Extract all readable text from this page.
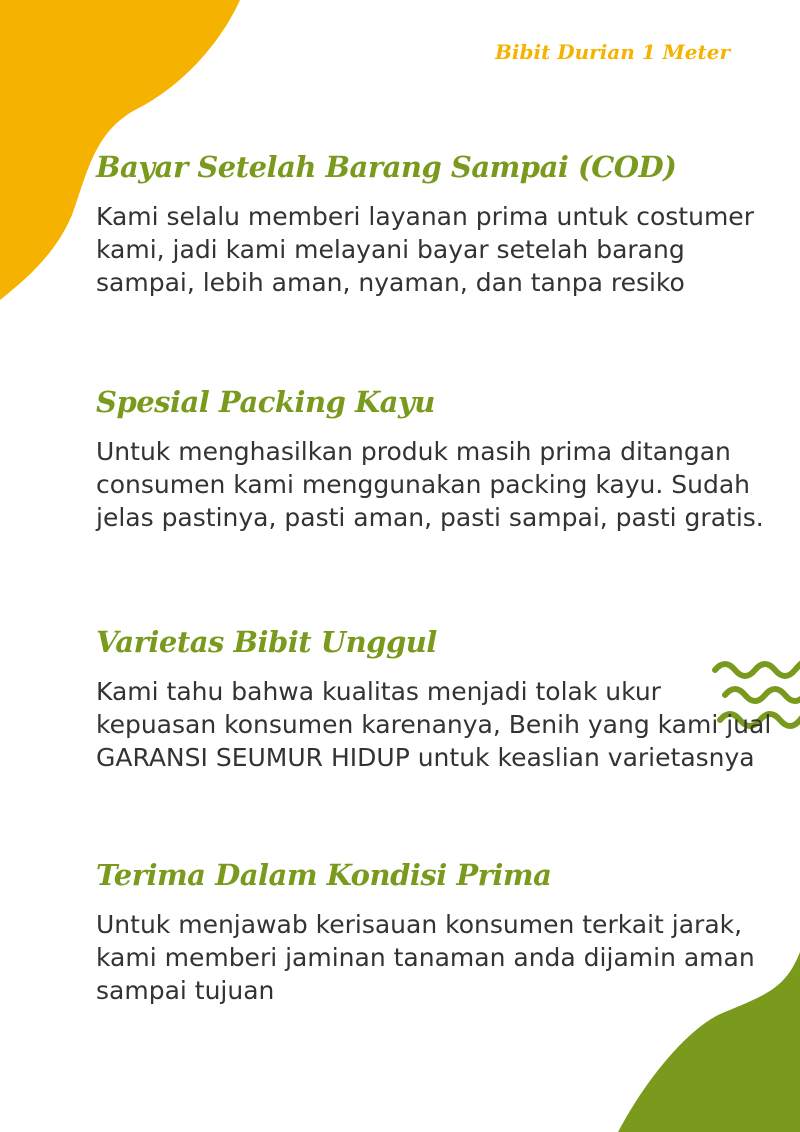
Bibit Durian 1 Meter
Bayar Setelah Barang Sampai (COD)

Kami selalu memberi layanan prima untuk costumer kami, jadi kami melayani bayar setelah barang sampai, lebih aman, nyaman, dan tanpa resiko

Spesial Packing Kayu

Untuk menghasilkan produk masih prima ditangan consumen kami menggunakan packing kayu. Sudah jelas pastinya, pasti aman, pasti sampai, pasti gratis.

Varietas Bibit Unggul

Kami tahu bahwa kualitas menjadi tolak ukur kepuasan konsumen karenanya, Benih yang kami jual GARANSI SEUMUR HIDUP untuk keaslian varietasnya

Terima Dalam Kondisi Prima

Untuk menjawab kerisauan konsumen terkait jarak, kami memberi jaminan tanaman anda dijamin aman sampai tujuan
